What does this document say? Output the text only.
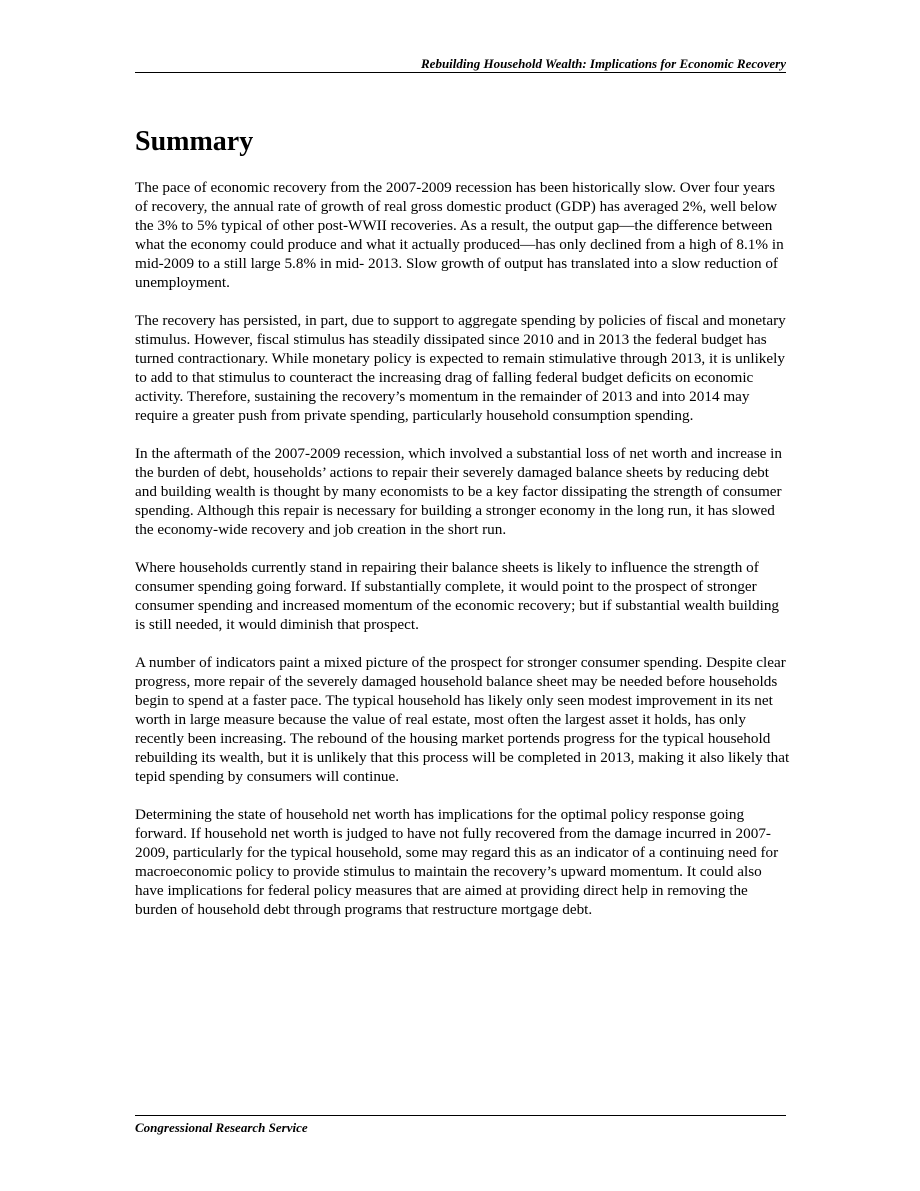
Rebuilding Household Wealth: Implications for Economic Recovery
Summary

The pace of economic recovery from the 2007-2009 recession has been historically slow. Over four years of recovery, the annual rate of growth of real gross domestic product (GDP) has averaged 2%, well below the 3% to 5% typical of other post-WWII recoveries. As a result, the output gap—the difference between what the economy could produce and what it actually produced—has only declined from a high of 8.1% in mid-2009 to a still large 5.8% in mid- 2013. Slow growth of output has translated into a slow reduction of unemployment.

The recovery has persisted, in part, due to support to aggregate spending by policies of fiscal and monetary stimulus. However, fiscal stimulus has steadily dissipated since 2010 and in 2013 the federal budget has turned contractionary. While monetary policy is expected to remain stimulative through 2013, it is unlikely to add to that stimulus to counteract the increasing drag of falling federal budget deficits on economic activity. Therefore, sustaining the recovery’s momentum in the remainder of 2013 and into 2014 may require a greater push from private spending, particularly household consumption spending.

In the aftermath of the 2007-2009 recession, which involved a substantial loss of net worth and increase in the burden of debt, households’ actions to repair their severely damaged balance sheets by reducing debt and building wealth is thought by many economists to be a key factor dissipating the strength of consumer spending. Although this repair is necessary for building a stronger economy in the long run, it has slowed the economy-wide recovery and job creation in the short run.

Where households currently stand in repairing their balance sheets is likely to influence the strength of consumer spending going forward. If substantially complete, it would point to the prospect of stronger consumer spending and increased momentum of the economic recovery; but if substantial wealth building is still needed, it would diminish that prospect.

A number of indicators paint a mixed picture of the prospect for stronger consumer spending. Despite clear progress, more repair of the severely damaged household balance sheet may be needed before households begin to spend at a faster pace. The typical household has likely only seen modest improvement in its net worth in large measure because the value of real estate, most often the largest asset it holds, has only recently been increasing. The rebound of the housing market portends progress for the typical household rebuilding its wealth, but it is unlikely that this process will be completed in 2013, making it also likely that tepid spending by consumers will continue.

Determining the state of household net worth has implications for the optimal policy response going forward. If household net worth is judged to have not fully recovered from the damage incurred in 2007-2009, particularly for the typical household, some may regard this as an indicator of a continuing need for macroeconomic policy to provide stimulus to maintain the recovery’s upward momentum. It could also have implications for federal policy measures that are aimed at providing direct help in removing the burden of household debt through programs that restructure mortgage debt.

Congressional Research Service
